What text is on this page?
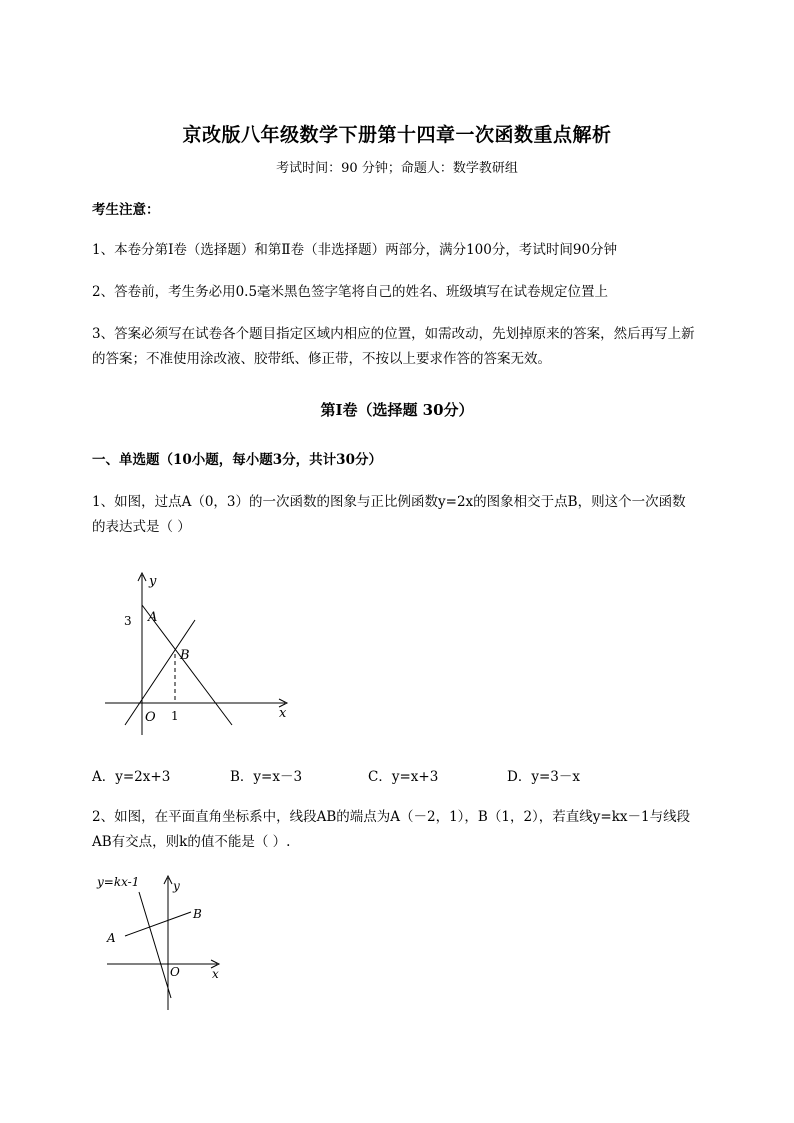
京改版八年级数学下册第十四章一次函数重点解析
考试时间：90 分钟；命题人：数学教研组
考生注意：
1、本卷分第I卷（选择题）和第Ⅱ卷（非选择题）两部分，满分100分，考试时间90分钟
2、答卷前，考生务必用0.5毫米黑色签字笔将自己的姓名、班级填写在试卷规定位置上
3、答案必须写在试卷各个题目指定区域内相应的位置，如需改动，先划掉原来的答案，然后再写上新
的答案；不准使用涂改液、胶带纸、修正带，不按以上要求作答的答案无效。
第I卷（选择题 30分）
一、单选题（10小题，每小题3分，共计30分）
1、如图，过点A（0，3）的一次函数的图象与正比例函数y=2x的图象相交于点B，则这个一次函数
的表达式是（ ）
y
x
O
3
1
A
B
A．y=2x+3	B．y=x－3	C．y=x+3	D．y=3－x
2、如图，在平面直角坐标系中，线段AB的端点为A（－2，1），B（1，2），若直线y=kx－1与线段
AB有交点，则k的值不能是（ ）.
y=kx-1	y
x
O
A
B
